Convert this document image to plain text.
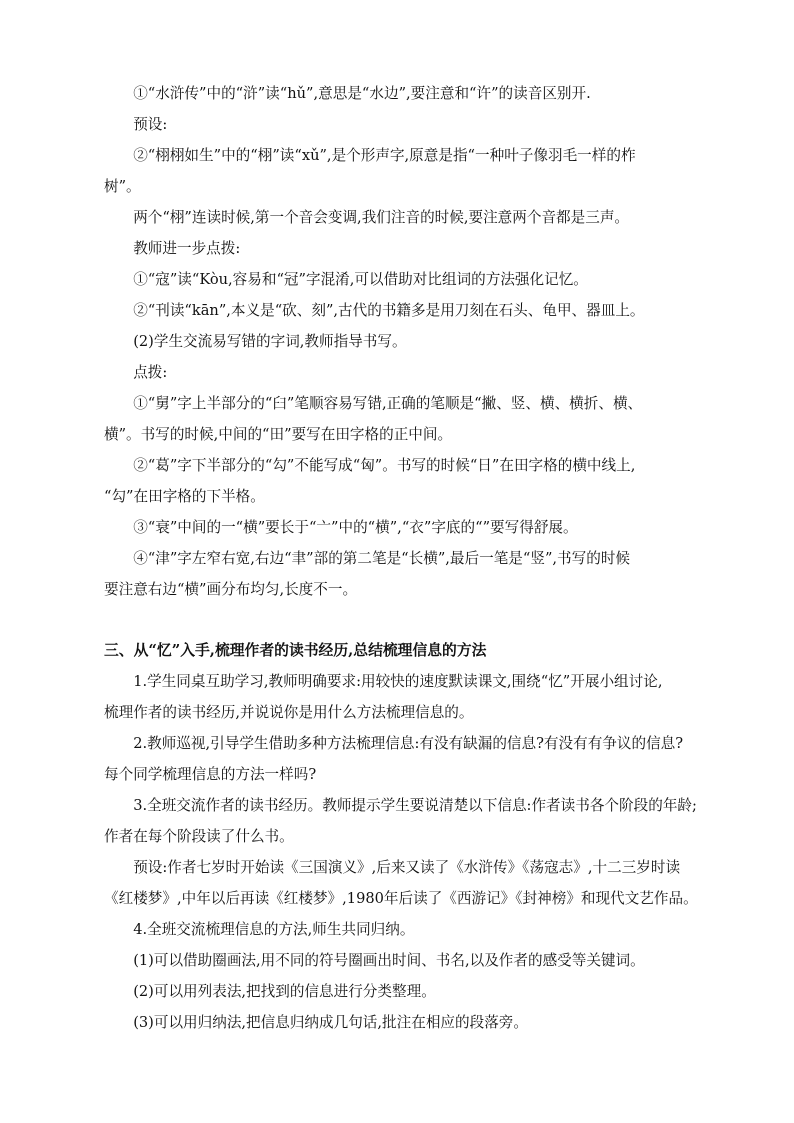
①“水浒传”中的“浒”读“hǔ”,意思是“水边”,要注意和“许”的读音区别开.

预设:

②“栩栩如生”中的“栩”读“xǔ”,是个形声字,原意是指“一种叶子像羽毛一样的柞

树”。

两个“栩”连读时候,第一个音会变调,我们注音的时候,要注意两个音都是三声。

教师进一步点拨:

①“寇”读“Kòu,容易和“冠”字混淆,可以借助对比组词的方法强化记忆。

②“刊读“kān”,本义是“砍、刻”,古代的书籍多是用刀刻在石头、龟甲、器皿上。

(2)学生交流易写错的字词,教师指导书写。

点拨:

①“舅”字上半部分的“臼”笔顺容易写错,正确的笔顺是“撇、竖、横、横折、横、

横”。书写的时候,中间的“田”要写在田字格的正中间。

②“葛”字下半部分的“勾”不能写成“匈”。书写的时候“日”在田字格的横中线上,

“勾”在田字格的下半格。

③“衰”中间的一“横”要长于“亠”中的“横”,“衣”字底的“”要写得舒展。

④“津”字左窄右宽,右边“聿”部的第二笔是“长横”,最后一笔是“竖”,书写的时候

要注意右边“横”画分布均匀,长度不一。

三、从“忆”入手,梳理作者的读书经历,总结梳理信息的方法

1.学生同桌互助学习,教师明确要求:用较快的速度默读课文,围绕“忆”开展小组讨论,

梳理作者的读书经历,并说说你是用什么方法梳理信息的。

2.教师巡视,引导学生借助多种方法梳理信息:有没有缺漏的信息?有没有有争议的信息?

每个同学梳理信息的方法一样吗?

3.全班交流作者的读书经历。教师提示学生要说清楚以下信息:作者读书各个阶段的年龄;

作者在每个阶段读了什么书。

预设:作者七岁时开始读《三国演义》,后来又读了《水浒传》《荡寇志》,十二三岁时读

《红楼梦》,中年以后再读《红楼梦》,1980年后读了《西游记》《封神榜》和现代文艺作品。

4.全班交流梳理信息的方法,师生共同归纳。

(1)可以借助圈画法,用不同的符号圈画出时间、书名,以及作者的感受等关键词。

(2)可以用列表法,把找到的信息进行分类整理。

(3)可以用归纳法,把信息归纳成几句话,批注在相应的段落旁。
